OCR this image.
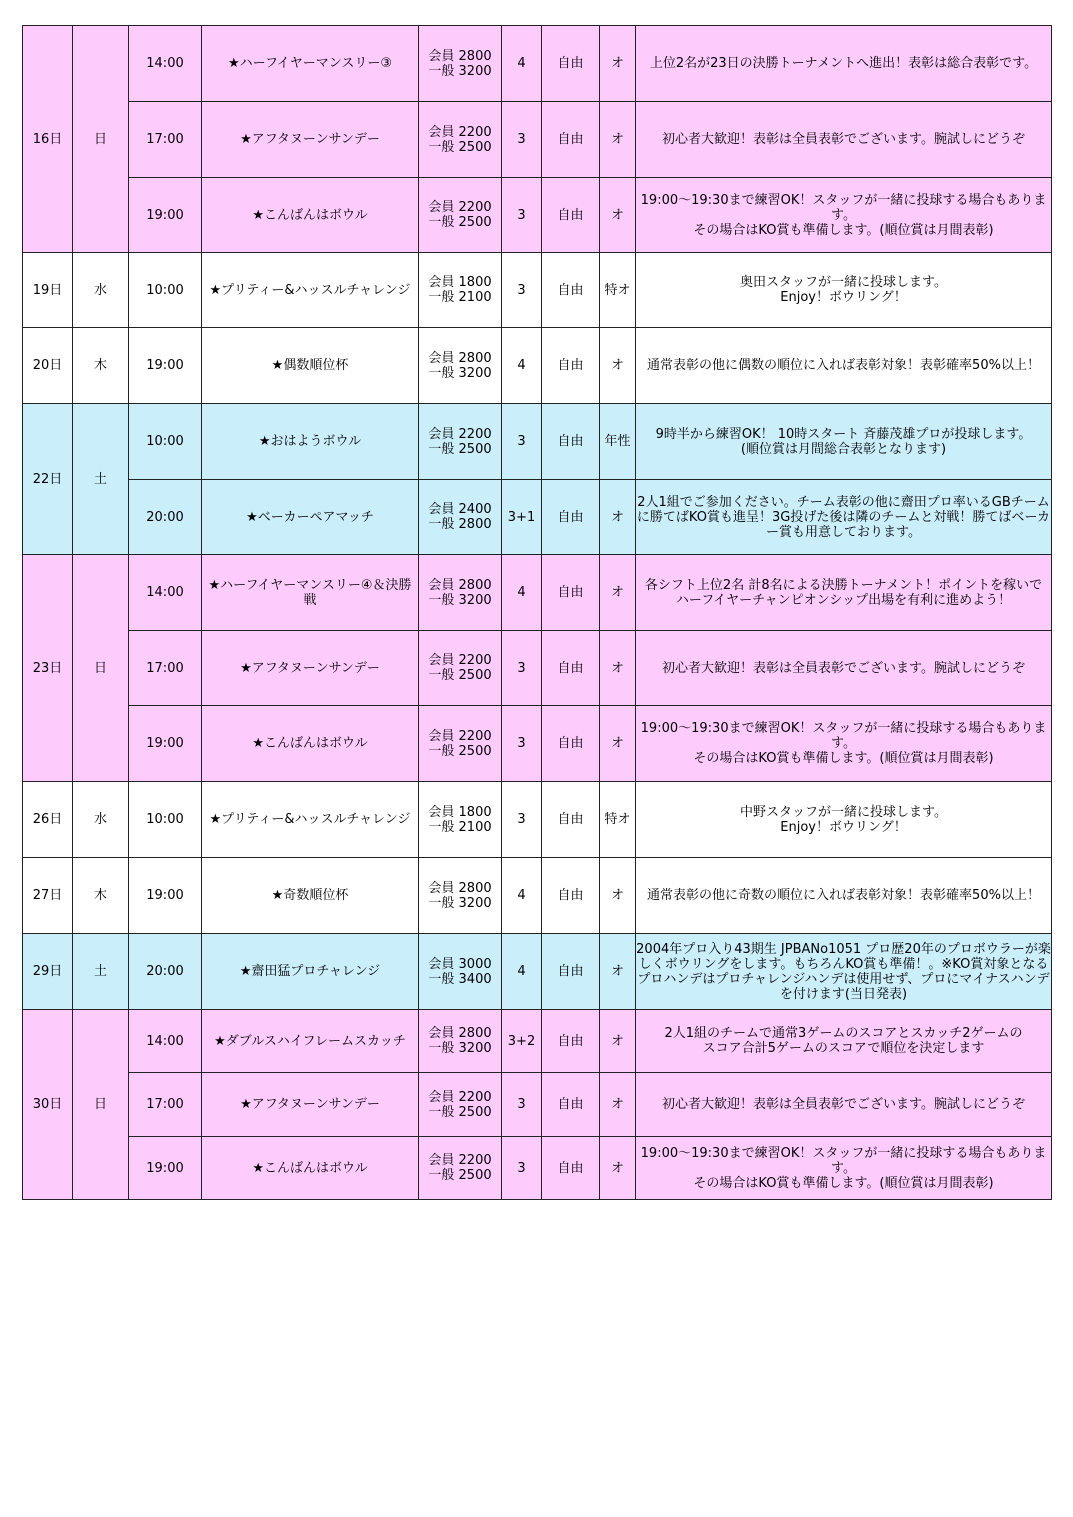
16日	日	14:00	★ハーフイヤーマンスリー③	会員 2800
一般 3200	4	自由	オ	上位2名が23日の決勝トーナメントへ進出！表彰は総合表彰です。
		17:00	★アフタヌーンサンデー	会員 2200
一般 2500	3	自由	オ	初心者大歓迎！表彰は全員表彰でございます。腕試しにどうぞ
		19:00	★こんばんはボウル	会員 2200
一般 2500	3	自由	オ	19:00〜19:30まで練習OK！スタッフが一緒に投球する場合もあります。
その場合はKO賞も準備します。(順位賞は月間表彰)
19日	水	10:00	★プリティー&ハッスルチャレンジ	会員 1800
一般 2100	3	自由	特オ	奥田スタッフが一緒に投球します。
Enjoy！ボウリング！
20日	木	19:00	★偶数順位杯	会員 2800
一般 3200	4	自由	オ	通常表彰の他に偶数の順位に入れば表彰対象！表彰確率50%以上！
22日	土	10:00	★おはようボウル	会員 2200
一般 2500	3	自由	年性	9時半から練習OK！ 10時スタート 斉藤茂雄プロが投球します。
(順位賞は月間総合表彰となります)
		20:00	★ベーカーペアマッチ	会員 2400
一般 2800	3+1	自由	オ	2人1組でご参加ください。チーム表彰の他に齋田プロ率いるGBチームに勝てばKO賞も進呈！3G投げた後は隣のチームと対戦！勝てばベーカー賞も用意しております。
23日	日	14:00	★ハーフイヤーマンスリー④＆決勝戦	会員 2800
一般 3200	4	自由	オ	各シフト上位2名 計8名による決勝トーナメント！ポイントを稼いで
ハーフイヤーチャンピオンシップ出場を有利に進めよう！
		17:00	★アフタヌーンサンデー	会員 2200
一般 2500	3	自由	オ	初心者大歓迎！表彰は全員表彰でございます。腕試しにどうぞ
		19:00	★こんばんはボウル	会員 2200
一般 2500	3	自由	オ	19:00〜19:30まで練習OK！スタッフが一緒に投球する場合もあります。
その場合はKO賞も準備します。(順位賞は月間表彰)
26日	水	10:00	★プリティー&ハッスルチャレンジ	会員 1800
一般 2100	3	自由	特オ	中野スタッフが一緒に投球します。
Enjoy！ボウリング！
27日	木	19:00	★奇数順位杯	会員 2800
一般 3200	4	自由	オ	通常表彰の他に奇数の順位に入れば表彰対象！表彰確率50%以上！
29日	土	20:00	★齋田猛プロチャレンジ	会員 3000
一般 3400	4	自由	オ	2004年プロ入り43期生 JPBANo1051 プロ歴20年のプロボウラーが楽しくボウリングをします。もちろんKO賞も準備！。※KO賞対象となるプロハンデはプロチャレンジハンデは使用せず、プロにマイナスハンデを付けます(当日発表)
30日	日	14:00	★ダブルスハイフレームスカッチ	会員 2800
一般 3200	3+2	自由	オ	2人1組のチームで通常3ゲームのスコアとスカッチ2ゲームの
スコア合計5ゲームのスコアで順位を決定します
		17:00	★アフタヌーンサンデー	会員 2200
一般 2500	3	自由	オ	初心者大歓迎！表彰は全員表彰でございます。腕試しにどうぞ
		19:00	★こんばんはボウル	会員 2200
一般 2500	3	自由	オ	19:00〜19:30まで練習OK！スタッフが一緒に投球する場合もあります。
その場合はKO賞も準備します。(順位賞は月間表彰)
